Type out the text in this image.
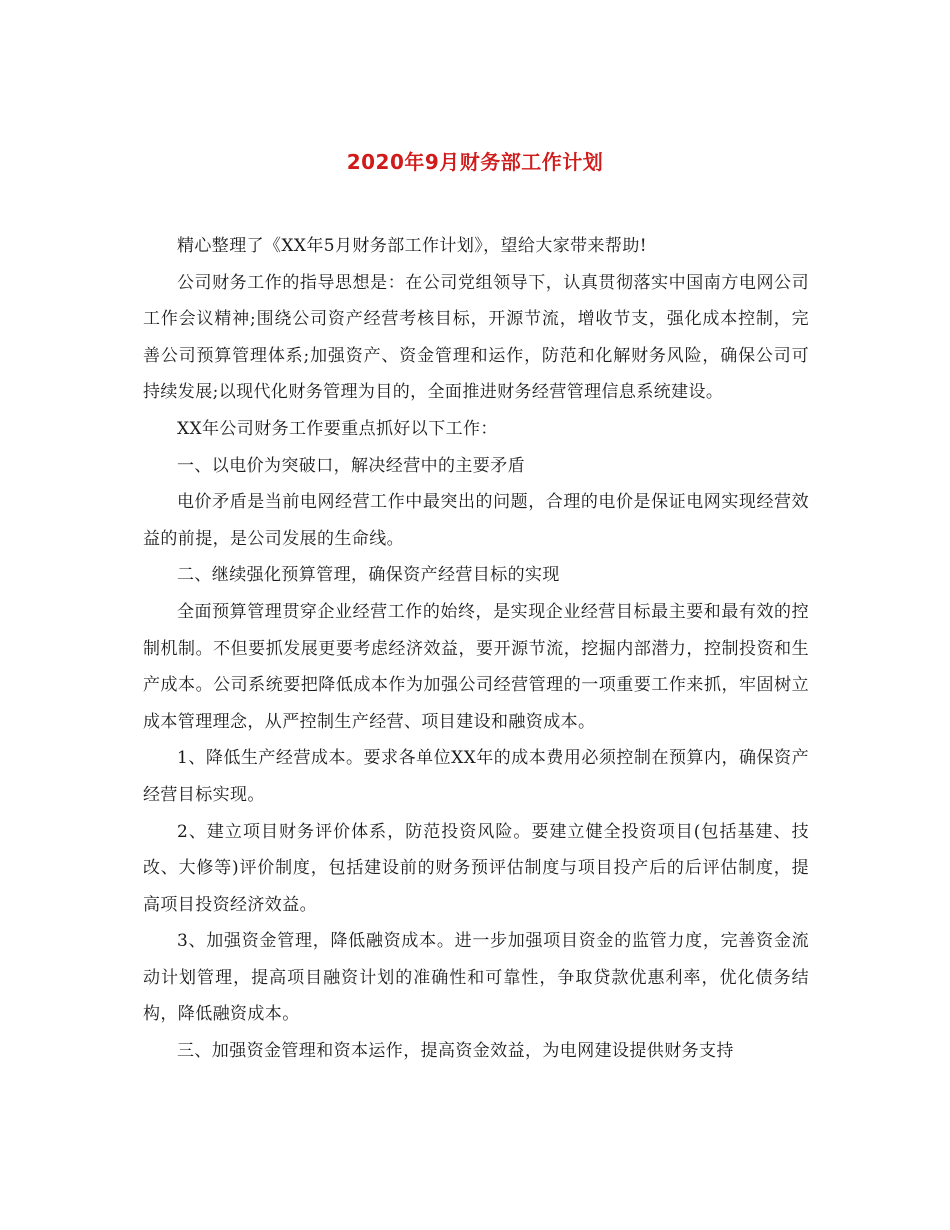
2020年9月财务部工作计划

精心整理了《XX年5月财务部工作计划》，望给大家带来帮助!

公司财务工作的指导思想是：在公司党组领导下，认真贯彻落实中国南方电网公司工作会议精神;围绕公司资产经营考核目标，开源节流，增收节支，强化成本控制，完善公司预算管理体系;加强资产、资金管理和运作，防范和化解财务风险，确保公司可持续发展;以现代化财务管理为目的，全面推进财务经营管理信息系统建设。

XX年公司财务工作要重点抓好以下工作：

一、以电价为突破口，解决经营中的主要矛盾

电价矛盾是当前电网经营工作中最突出的问题，合理的电价是保证电网实现经营效益的前提，是公司发展的生命线。

二、继续强化预算管理，确保资产经营目标的实现

全面预算管理贯穿企业经营工作的始终，是实现企业经营目标最主要和最有效的控制机制。不但要抓发展更要考虑经济效益，要开源节流，挖掘内部潜力，控制投资和生产成本。公司系统要把降低成本作为加强公司经营管理的一项重要工作来抓，牢固树立成本管理理念，从严控制生产经营、项目建设和融资成本。

1、降低生产经营成本。要求各单位XX年的成本费用必须控制在预算内，确保资产经营目标实现。

2、建立项目财务评价体系，防范投资风险。要建立健全投资项目(包括基建、技改、大修等)评价制度，包括建设前的财务预评估制度与项目投产后的后评估制度，提高项目投资经济效益。

3、加强资金管理，降低融资成本。进一步加强项目资金的监管力度，完善资金流动计划管理，提高项目融资计划的准确性和可靠性，争取贷款优惠利率，优化债务结构，降低融资成本。

三、加强资金管理和资本运作，提高资金效益，为电网建设提供财务支持
